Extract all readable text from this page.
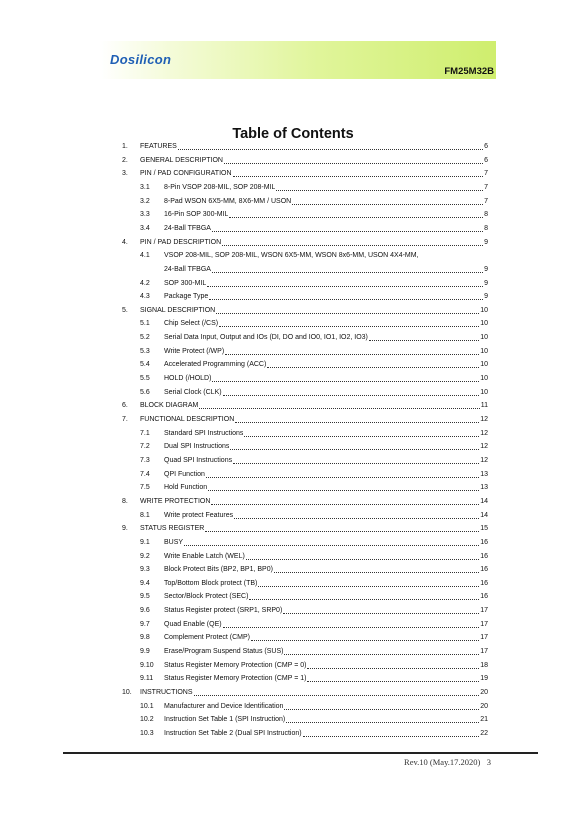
Dosilicon
FM25M32B
Table of Contents
1.	FEATURES	6
2.	GENERAL DESCRIPTION	6
3.	PIN / PAD CONFIGURATION	7
3.1	8-Pin VSOP 208-MIL, SOP 208-MIL	7
3.2	8-Pad WSON 6X5-MM, 8X6-MM / USON	7
3.3	16-Pin SOP 300-MIL	8
3.4	24-Ball TFBGA	8
4.	PIN / PAD DESCRIPTION	9
4.1	VSOP 208-MIL, SOP 208-MIL, WSON 6X5-MM, WSON 8x6-MM, USON 4X4-MM,
24-Ball TFBGA	9
4.2	SOP 300-MIL	9
4.3	Package Type	9
5.	SIGNAL DESCRIPTION	10
5.1	Chip Select (/CS)	10
5.2	Serial Data Input, Output and IOs (DI, DO and IO0, IO1, IO2, IO3)	10
5.3	Write Protect (/WP)	10
5.4	Accelerated Programming (ACC)	10
5.5	HOLD (/HOLD)	10
5.6	Serial Clock (CLK)	10
6.	BLOCK DIAGRAM	11
7.	FUNCTIONAL DESCRIPTION	12
7.1	Standard SPI Instructions	12
7.2	Dual SPI Instructions	12
7.3	Quad SPI Instructions	12
7.4	QPI Function	13
7.5	Hold Function	13
8.	WRITE PROTECTION	14
8.1	Write protect Features	14
9.	STATUS REGISTER	15
9.1	BUSY	16
9.2	Write Enable Latch (WEL)	16
9.3	Block Protect Bits (BP2, BP1, BP0)	16
9.4	Top/Bottom Block protect (TB)	16
9.5	Sector/Block Protect (SEC)	16
9.6	Status Register protect (SRP1, SRP0)	17
9.7	Quad Enable (QE)	17
9.8	Complement Protect (CMP)	17
9.9	Erase/Program Suspend Status (SUS)	17
9.10	Status Register Memory Protection (CMP = 0)	18
9.11	Status Register Memory Protection (CMP = 1)	19
10.	INSTRUCTIONS	20
10.1	Manufacturer and Device Identification	20
10.2	Instruction Set Table 1 (SPI Instruction)	21
10.3	Instruction Set Table 2 (Dual SPI Instruction)	22
Rev.10 (May.17.2020) 3
